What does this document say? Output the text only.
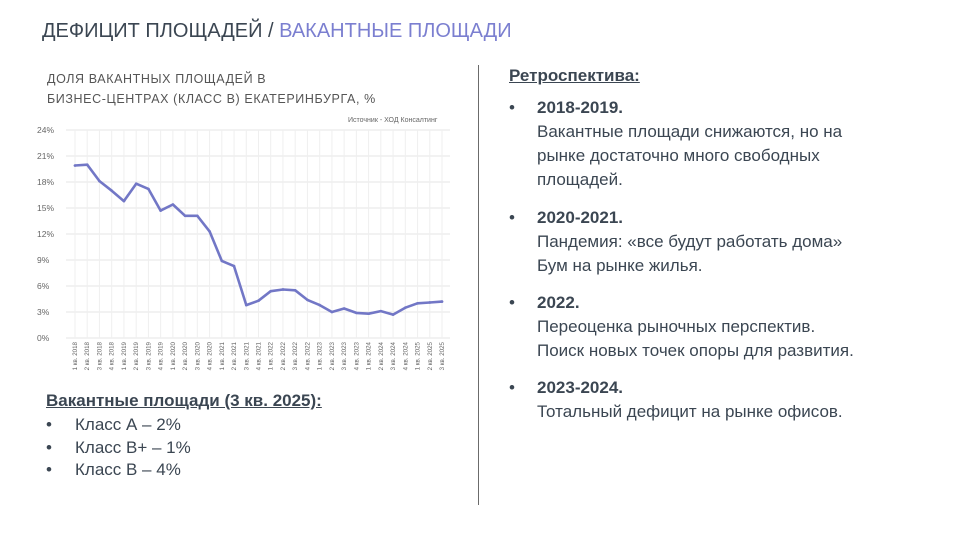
ДЕФИЦИТ ПЛОЩАДЕЙ / ВАКАНТНЫЕ ПЛОЩАДИ
ДОЛЯ ВАКАНТНЫХ ПЛОЩАДЕЙ В
БИЗНЕС-ЦЕНТРАХ (КЛАСС В) ЕКАТЕРИНБУРГА, %
Источник - ХОД Консалтинг
0%
3%
6%
9%
12%
15%
18%
21%
24%
1 кв. 2018 2 кв. 2018 3 кв. 2018 4 кв. 2018 1 кв. 2019 2 кв. 2019 3 кв. 2019 4 кв. 2019 1 кв. 2020 2 кв. 2020 3 кв. 2020 4 кв. 2020 1 кв. 2021 2 кв. 2021 3 кв. 2021 4 кв. 2021 1 кв. 2022 2 кв. 2022 3 кв. 2022 4 кв. 2022 1 кв. 2023 2 кв. 2023 3 кв. 2023 4 кв. 2023 1 кв. 2024 2 кв. 2024 3 кв. 2024 4 кв. 2024 1 кв. 2025 2 кв. 2025 3 кв. 2025
Вакантные площади (3 кв. 2025):
• Класс А – 2%
• Класс В+ – 1%
• Класс В – 4%
Ретроспектива:
• 2018-2019.
Вакантные площади снижаются, но на
рынке достаточно много свободных
площадей.
• 2020-2021.
Пандемия: «все будут работать дома»
Бум на рынке жилья.
• 2022.
Переоценка рыночных перспектив.
Поиск новых точек опоры для развития.
• 2023-2024.
Тотальный дефицит на рынке офисов.
